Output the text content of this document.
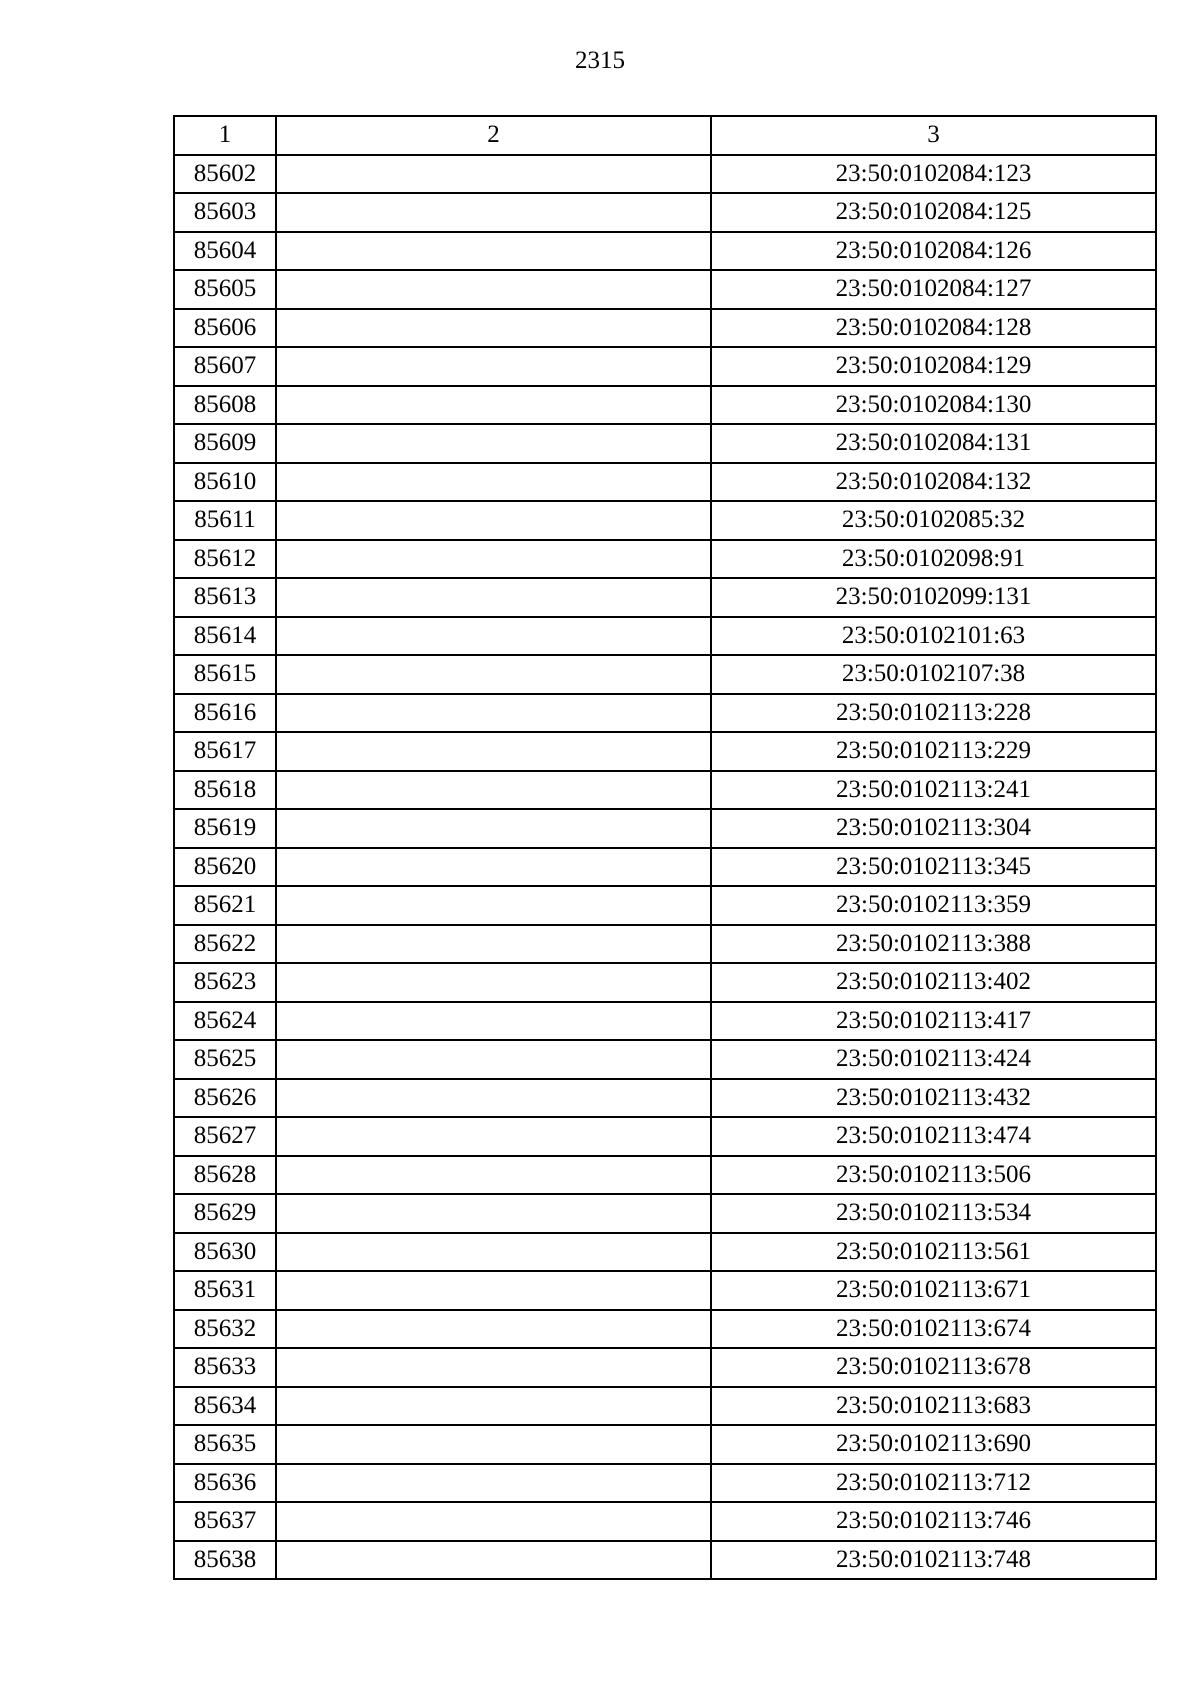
2315
1	2	3
85602		23:50:0102084:123
85603		23:50:0102084:125
85604		23:50:0102084:126
85605		23:50:0102084:127
85606		23:50:0102084:128
85607		23:50:0102084:129
85608		23:50:0102084:130
85609		23:50:0102084:131
85610		23:50:0102084:132
85611		23:50:0102085:32
85612		23:50:0102098:91
85613		23:50:0102099:131
85614		23:50:0102101:63
85615		23:50:0102107:38
85616		23:50:0102113:228
85617		23:50:0102113:229
85618		23:50:0102113:241
85619		23:50:0102113:304
85620		23:50:0102113:345
85621		23:50:0102113:359
85622		23:50:0102113:388
85623		23:50:0102113:402
85624		23:50:0102113:417
85625		23:50:0102113:424
85626		23:50:0102113:432
85627		23:50:0102113:474
85628		23:50:0102113:506
85629		23:50:0102113:534
85630		23:50:0102113:561
85631		23:50:0102113:671
85632		23:50:0102113:674
85633		23:50:0102113:678
85634		23:50:0102113:683
85635		23:50:0102113:690
85636		23:50:0102113:712
85637		23:50:0102113:746
85638		23:50:0102113:748
